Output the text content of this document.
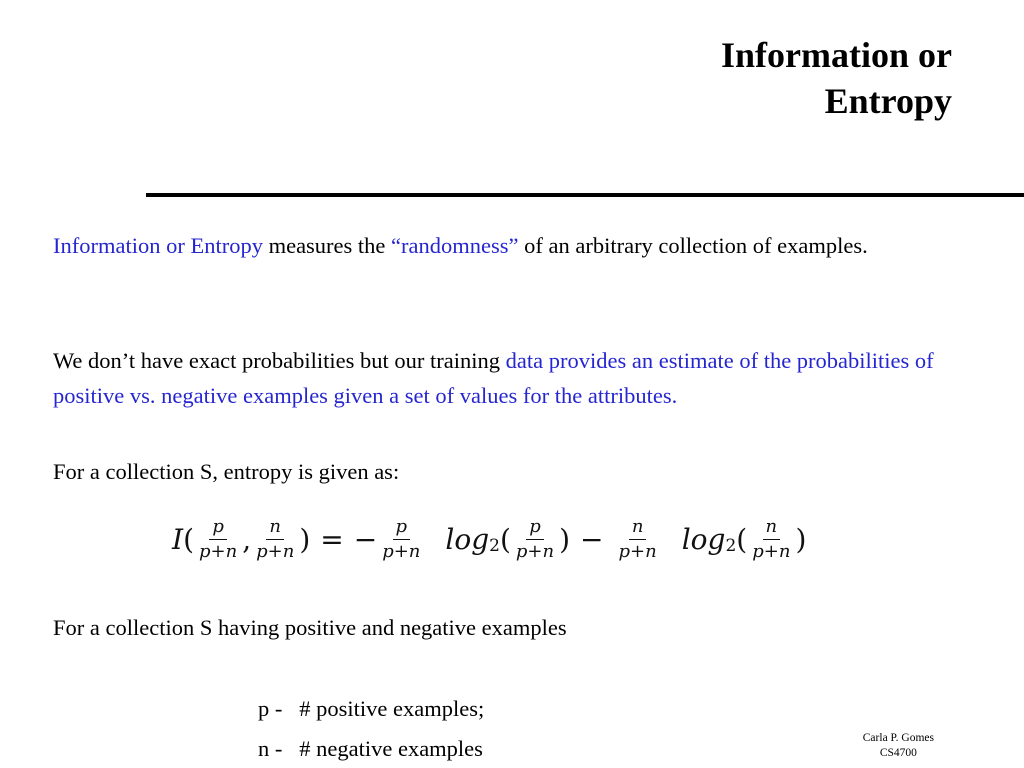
Information or
Entropy
Information or Entropy measures the “randomness” of an arbitrary collection of examples.
We don’t have exact probabilities but our training data provides an estimate of the probabilities of positive vs. negative examples given a set of values for the attributes.
For a collection S, entropy is given as:
I ( $\frac{p}{p+n}$ , $\frac{n}{p+n}$ ) = − $\frac{p}{p+n}$ log 2 ( $\frac{p}{p+n}$ ) − $\frac{n}{p+n}$ log 2 ( $\frac{n}{p+n}$ )
For a collection S having positive and negative examples
p -   # positive examples;
n -   # negative examples	Carla P. Gomes
CS4700
